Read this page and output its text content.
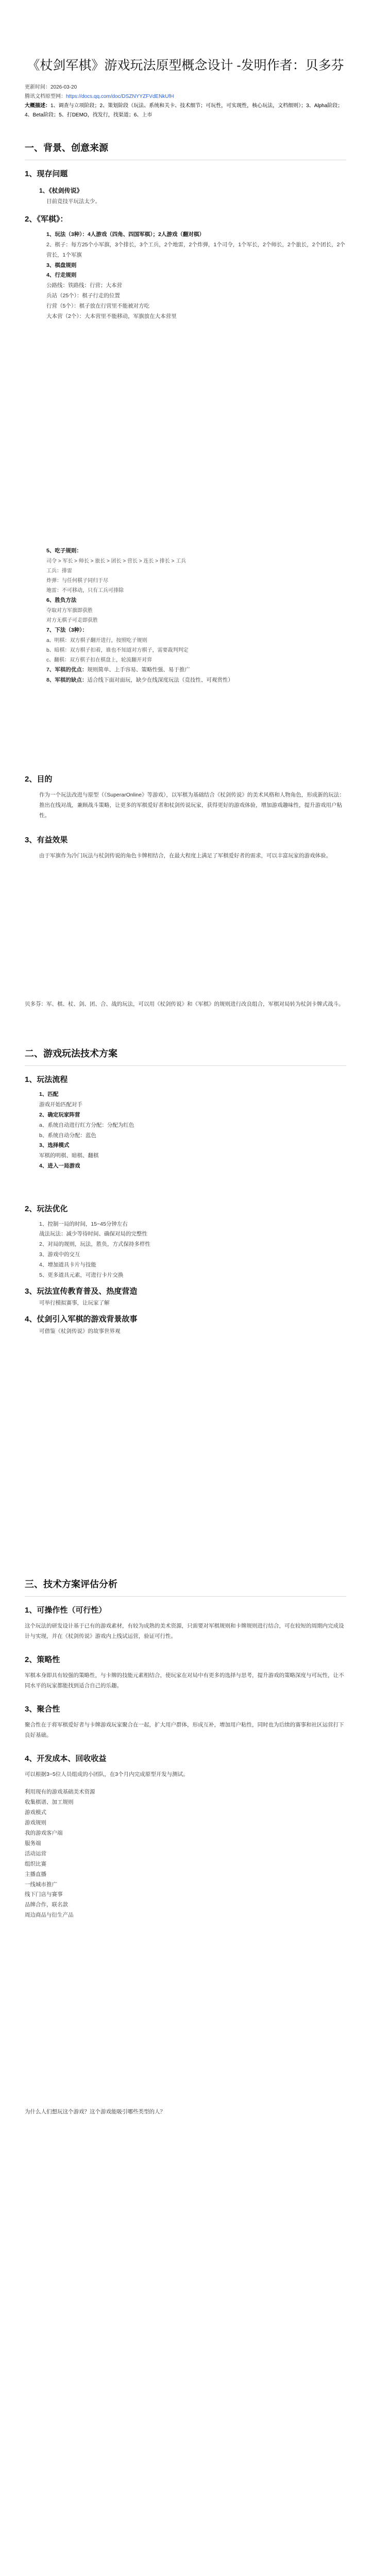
《杖剑军棋》游戏玩法原型概念设计 -发明作者：贝多芬

更新时间：2026-03-20

腾讯文档原型网：https://docs.qq.com/doc/DSZNYYZFVdENkUfH

大概描述：1、调查与立项阶段；2、策划阶段（玩法、系统和关卡、技术细节；可玩性，可实现性，核心玩法，文档细则）；3、Alpha阶段；4、Beta阶段；5、打DEMO，找发行，找渠道；6、上市

一、背景、创意来源
1、现存问题

1、《杖剑传说》

目前竞技平玩法太少。

2、《军棋》：

1、玩法（3种）：4人游戏（四角、四国军棋）；2人游戏（翻对棋）

2、棋子：每方25个小军旗，3个排长，3个工兵，2个地雷，2个炸弹，1个司令，1个军长，2个师长，2个旅长，2个团长，2个营长，1个军旗

3、棋盘规则

4、行走规则

公路线：铁路线：行营；大本营

兵站（25个）：棋子行走的位置

行营（5个）：棋子放在行营里不能被对方吃

大本营（2个）：大本营里不能移动，军旗放在大本营里

5、吃子规则：

司令 > 军长 > 师长 > 旅长 > 团长 > 营长 > 连长 > 排长 > 工兵

工兵：排雷

炸弹：与任何棋子同归于尽

地雷：不可移动，只有工兵可排除

6、胜负方法

夺取对方军旗即获胜

对方无棋子可走即获胜

7、下法（3种）：

a、明棋：双方棋子翻开进行，按照吃子规则

b、暗棋：双方棋子扣着，谁也不知道对方棋子，需要裁判判定

c、翻棋：双方棋子扣在棋盘上，轮流翻开对弈

7、军棋的优点：规则简单、上手容易、策略性强、易于推广

8、军棋的缺点：适合线下面对面玩，缺少在线深度玩法（竞技性、可观赏性）

2、目的

作为一个玩法改进与原型（《SuperarOnline》等游戏），以军棋为基础结合《杖剑传说》的美术风格和人物角色，形成新的玩法：推出在线对战，兼顾战斗策略，让更多的军棋爱好者和杖剑传说玩家，获得更好的游戏体验，增加游戏趣味性，提升游戏用户粘性。

3、有益效果

由于军旗作为冷门玩法与杖剑传说的角色卡牌相结合，在最大程度上满足了军棋爱好者的需求，可以丰富玩家的游戏体验。

贝多芬：军、棋、杖、剑、团、合、战的玩法，可以用《杖剑传说》和《军棋》的规则进行改良组合，军棋对局转为杖剑卡牌式战斗。

二、游戏玩法技术方案
1、玩法流程

1、匹配

游戏开始匹配对手

2、确定玩家阵营

a、系统自动进行红方分配：分配为红色

b、系统自动分配：蓝色

3、选择模式

军棋的明棋、暗棋、翻棋

4、进入一局游戏

2、玩法优化

1、控制一局的时间，15~45分钟左右

战法玩法：减少等待时间、确保对局的完整性

2、对局的规则，玩法，胜负，方式保持多样性

3、游戏中的交互

4、增加道具卡片与技能

5、更多道具元素，可进行卡片交换

3、玩法宣传教育普及、热度营造

可举行模拟赛事，让玩家了解

4、仗剑引入军棋的游戏背景故事

可借鉴《杖剑传说》的故事世界观

三、技术方案评估分析
1、可操作性（可行性）

这个玩法的研发设计基于已有的游戏素材，有较为成熟的美术资源，只需要对军棋规则和卡牌规则进行结合，可在较短的周期内完成设计与实现，并在《杖剑传说》游戏内上线试运营，验证可行性。

2、策略性

军棋本身即具有较强的策略性，与卡牌的技能元素相结合，使玩家在对局中有更多的选择与思考，提升游戏的策略深度与可玩性，让不同水平的玩家都能找到适合自己的乐趣。

3、聚合性

聚合性在于将军棋爱好者与卡牌游戏玩家聚合在一起，扩大用户群体，形成互补，增加用户粘性，同时也为后续的赛事和社区运营打下良好基础。

4、开发成本、回收收益

可以根据3~5位人员组成的小团队，在3个月内完成原型开发与测试。

利用现有的游戏基础美术资源

收集棋谱、加工规则

游戏模式

游戏规则

我的游戏客户端

服务端

活动运营

组织比赛

主播直播

一线城市推广

线下门店与赛事

品牌合作，联名款

周边商品与衍生产品

为什么人们想玩这个游戏？这个游戏能吸引哪些类型的人？
